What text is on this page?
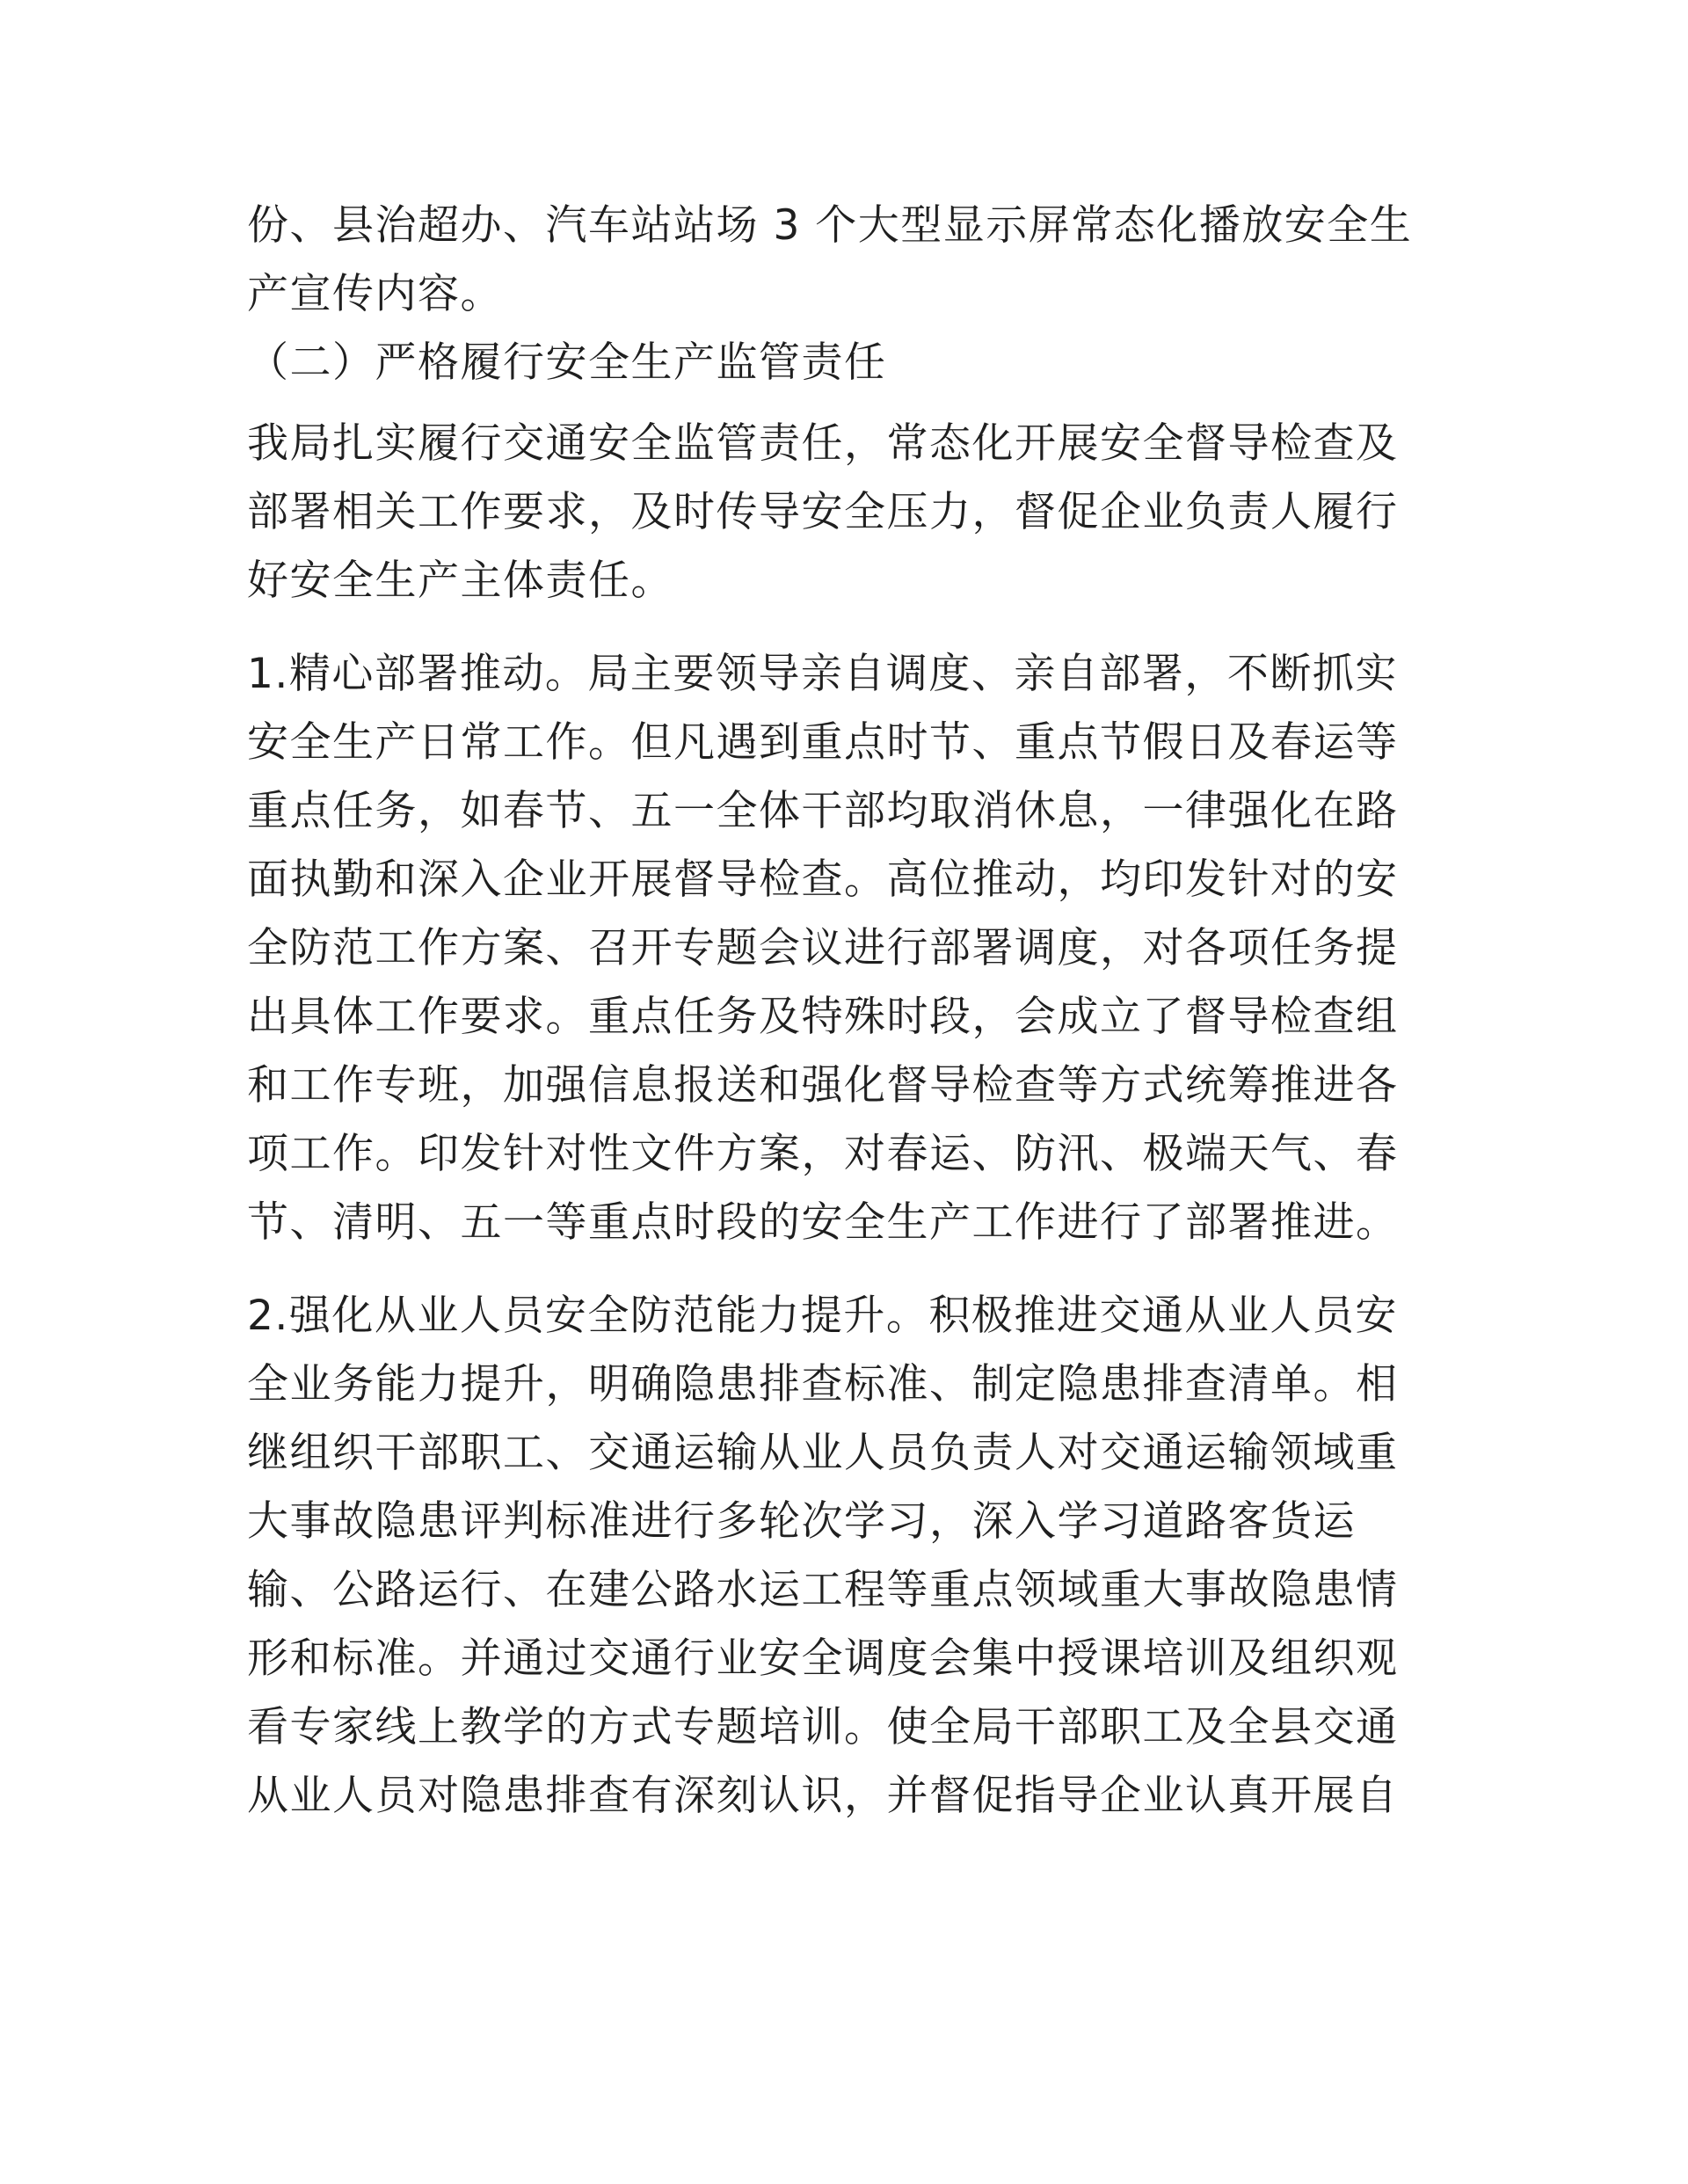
份、县治超办、汽车站站场 3 个大型显示屏常态化播放安全生
产宣传内容。

（二）严格履行安全生产监管责任

我局扎实履行交通安全监管责任，常态化开展安全督导检查及
部署相关工作要求，及时传导安全压力，督促企业负责人履行
好安全生产主体责任。

1.精心部署推动。局主要领导亲自调度、亲自部署，不断抓实
安全生产日常工作。但凡遇到重点时节、重点节假日及春运等
重点任务，如春节、五一全体干部均取消休息，一律强化在路
面执勤和深入企业开展督导检查。高位推动，均印发针对的安
全防范工作方案、召开专题会议进行部署调度，对各项任务提
出具体工作要求。重点任务及特殊时段，会成立了督导检查组
和工作专班，加强信息报送和强化督导检查等方式统筹推进各
项工作。印发针对性文件方案，对春运、防汛、极端天气、春
节、清明、五一等重点时段的安全生产工作进行了部署推进。

2.强化从业人员安全防范能力提升。积极推进交通从业人员安
全业务能力提升，明确隐患排查标准、制定隐患排查清单。相
继组织干部职工、交通运输从业人员负责人对交通运输领域重
大事故隐患评判标准进行多轮次学习，深入学习道路客货运
输、公路运行、在建公路水运工程等重点领域重大事故隐患情
形和标准。并通过交通行业安全调度会集中授课培训及组织观
看专家线上教学的方式专题培训。使全局干部职工及全县交通
从业人员对隐患排查有深刻认识，并督促指导企业认真开展自
